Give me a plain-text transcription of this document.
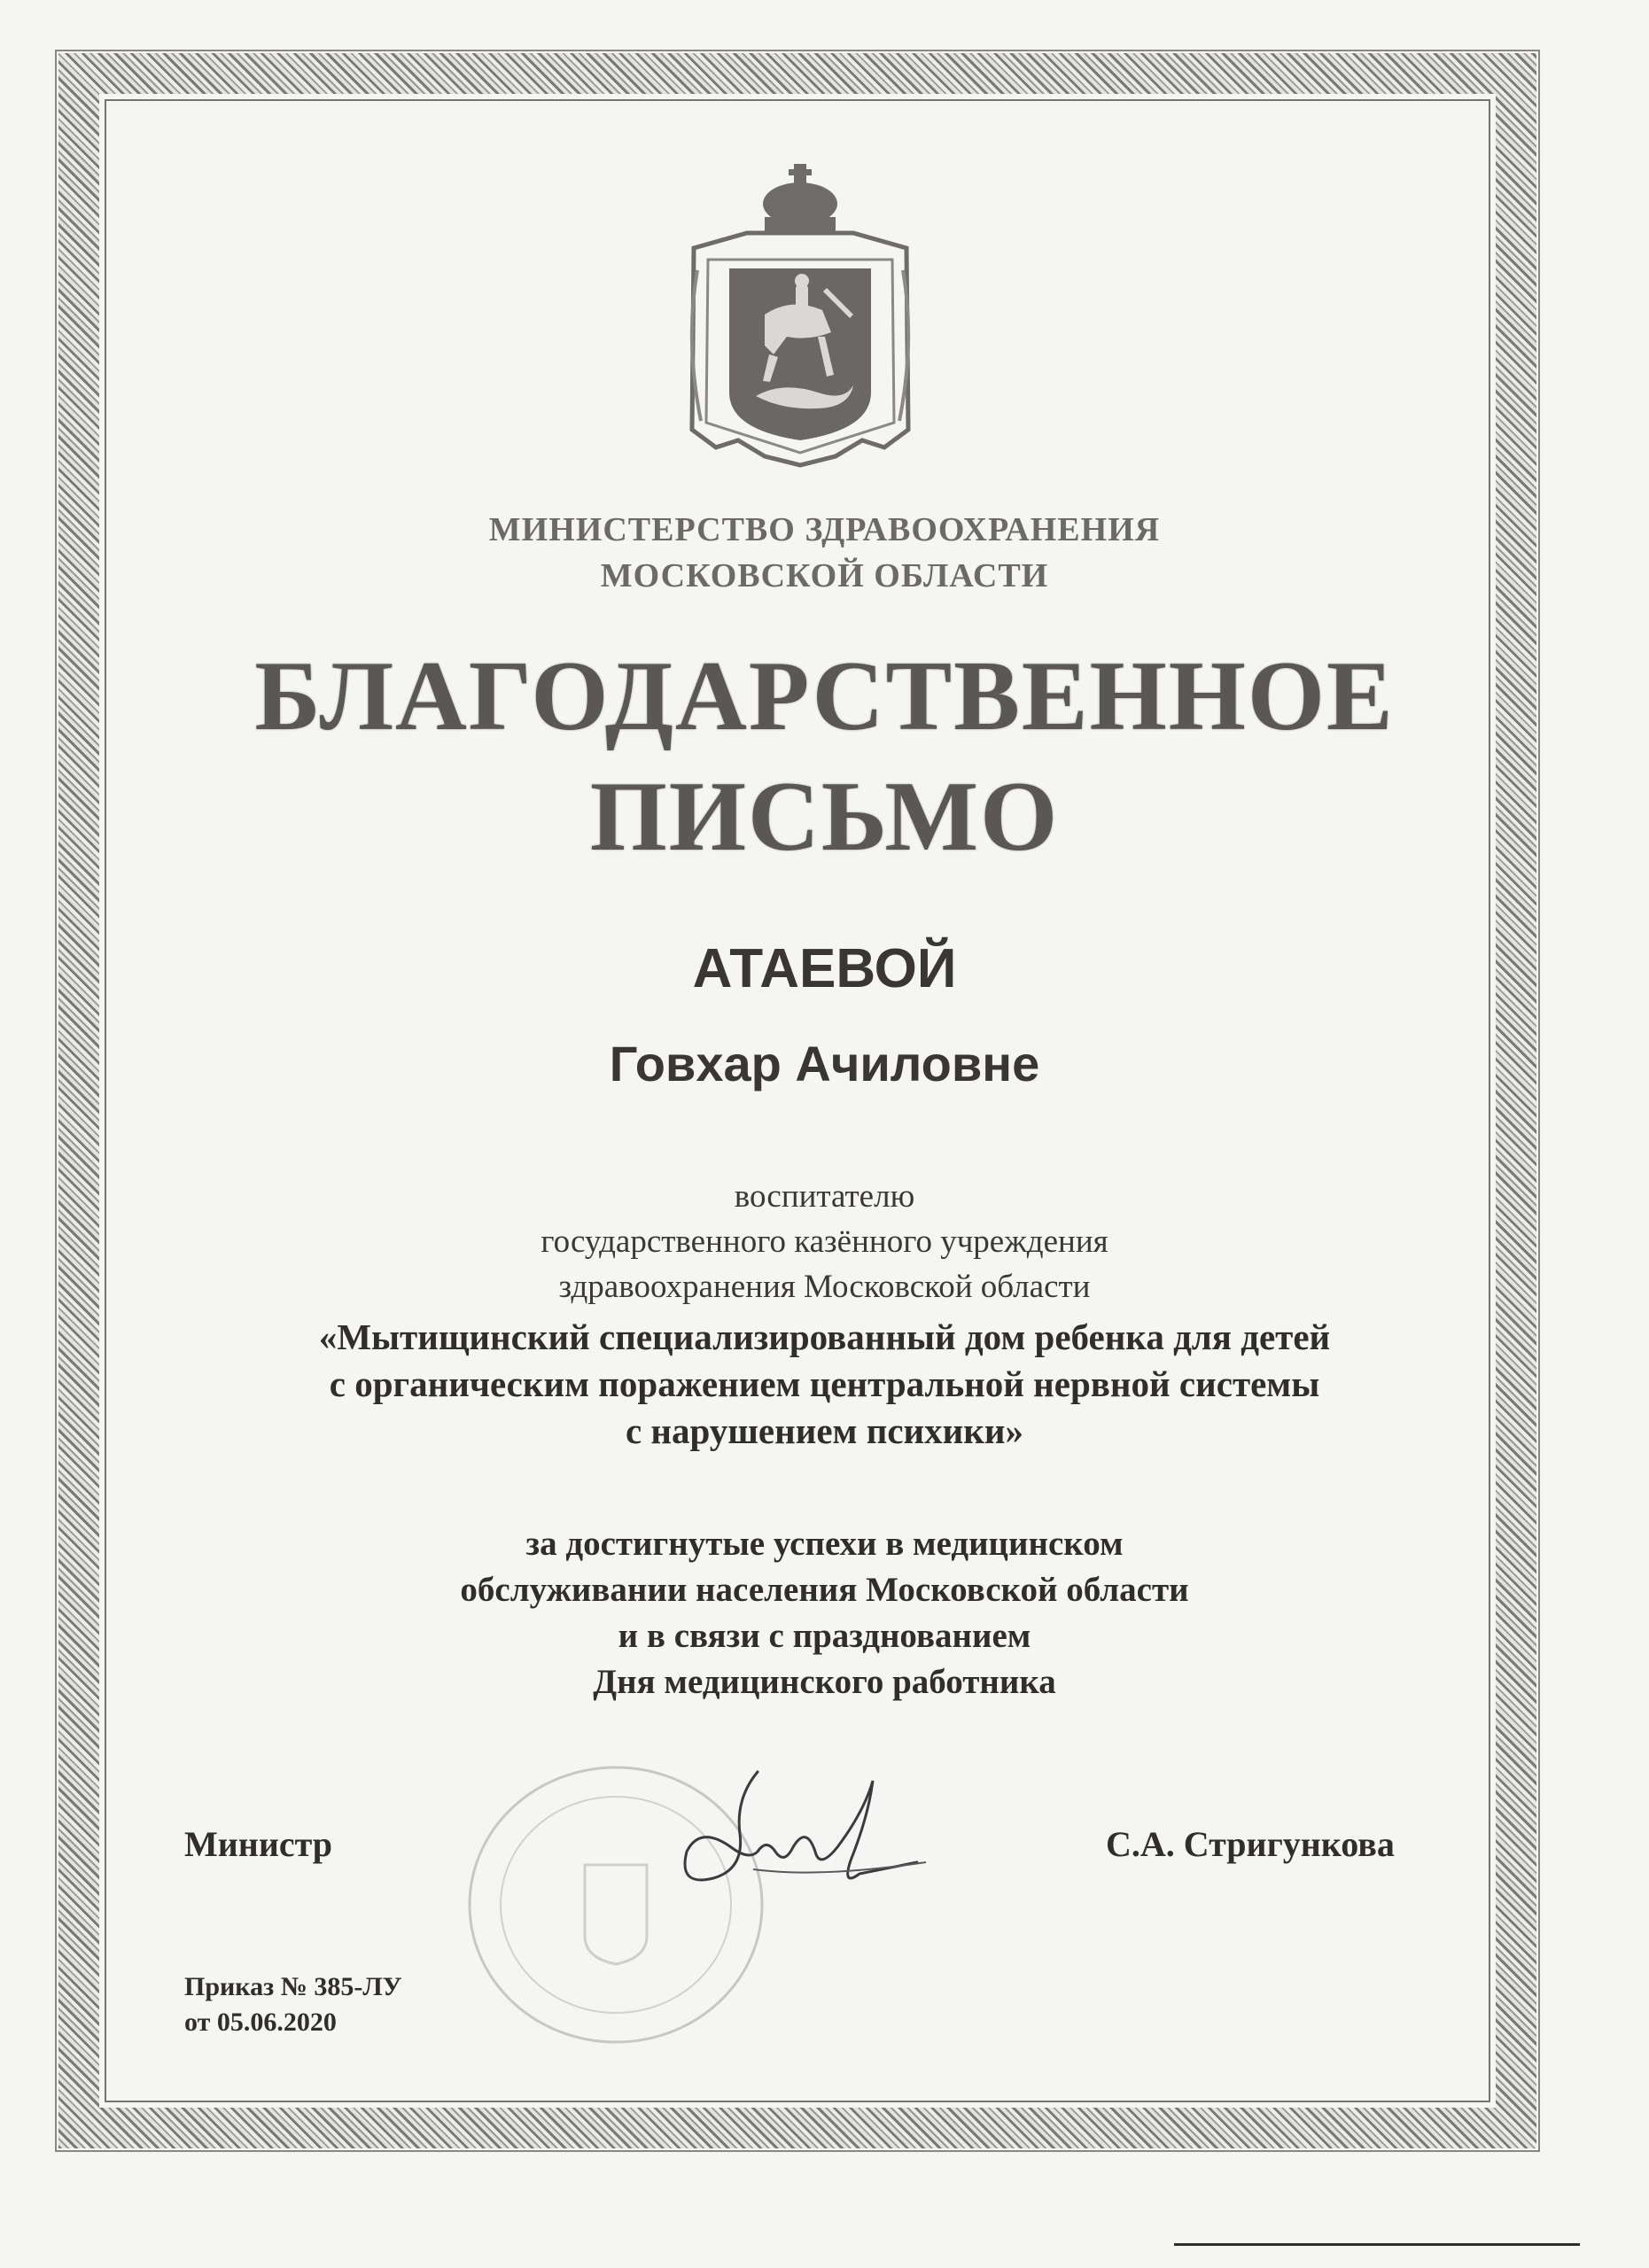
МИНИСТЕРСТВО ЗДРАВООХРАНЕНИЯ
МОСКОВСКОЙ ОБЛАСТИ
БЛАГОДАРСТВЕННОЕ
ПИСЬМО
АТАЕВОЙ
Говхар Ачиловне
воспитателю
государственного казённого учреждения
здравоохранения Московской области
«Мытищинский специализированный дом ребенка для детей
с органическим поражением центральной нервной системы
с нарушением психики»
за достигнутые успехи в медицинском
обслуживании населения Московской области
и в связи с празднованием
Дня медицинского работника
Министр	С.А. Стригункова
Приказ № 385-ЛУ
от 05.06.2020
